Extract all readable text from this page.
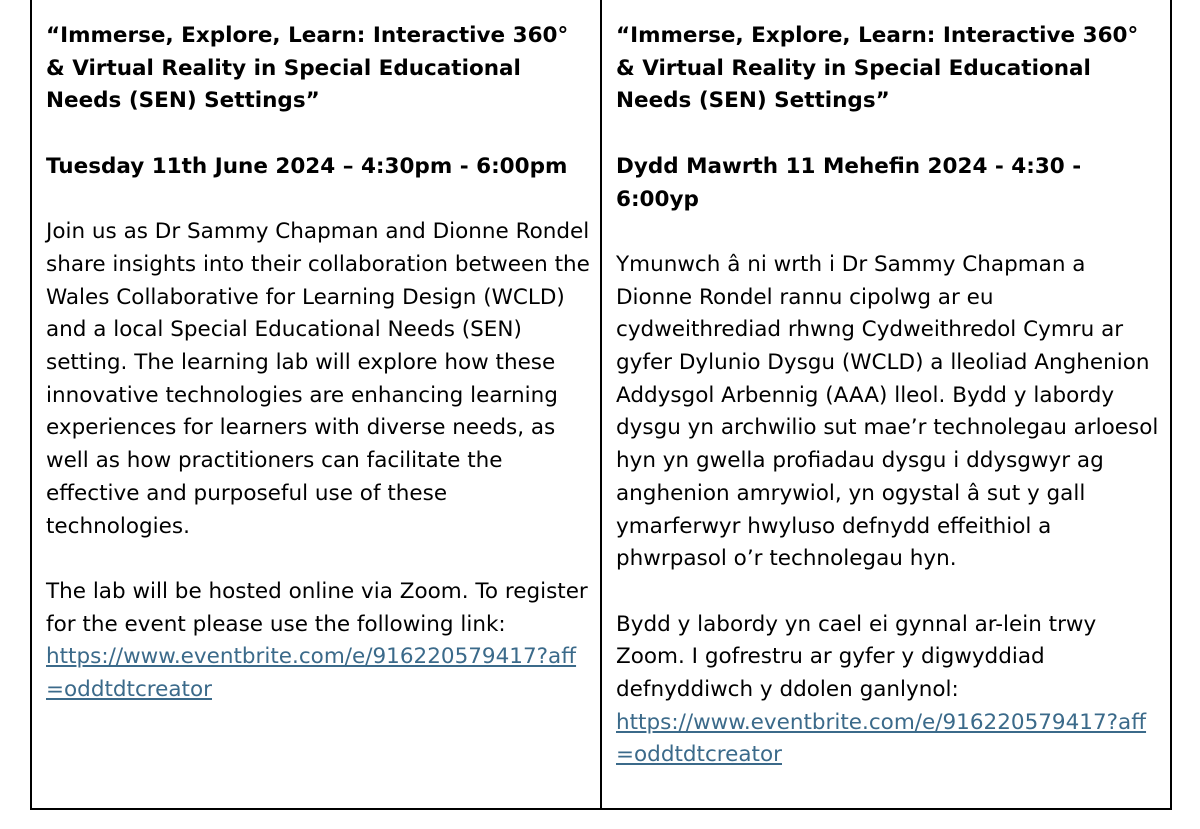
“Immerse, Explore, Learn: Interactive 360° & Virtual Reality in Special Educational Needs (SEN) Settings”

Tuesday 11th June 2024 – 4:30pm - 6:00pm

Join us as Dr Sammy Chapman and Dionne Rondel share insights into their collaboration between the Wales Collaborative for Learning Design (WCLD) and a local Special Educational Needs (SEN) setting. The learning lab will explore how these innovative technologies are enhancing learning experiences for learners with diverse needs, as well as how practitioners can facilitate the effective and purposeful use of these technologies.

The lab will be hosted online via Zoom. To register for the event please use the following link:
https://www.eventbrite.com/e/916220579417?aff=oddtdtcreator

“Immerse, Explore, Learn: Interactive 360° & Virtual Reality in Special Educational Needs (SEN) Settings”

Dydd Mawrth 11 Mehefin 2024 - 4:30 - 6:00yp

Ymunwch â ni wrth i Dr Sammy Chapman a Dionne Rondel rannu cipolwg ar eu cydweithrediad rhwng Cydweithredol Cymru ar gyfer Dylunio Dysgu (WCLD) a lleoliad Anghenion Addysgol Arbennig (AAA) lleol. Bydd y labordy dysgu yn archwilio sut mae’r technolegau arloesol hyn yn gwella profiadau dysgu i ddysgwyr ag anghenion amrywiol, yn ogystal â sut y gall ymarferwyr hwyluso defnydd effeithiol a phwrpasol o’r technolegau hyn.

Bydd y labordy yn cael ei gynnal ar-lein trwy Zoom. I gofrestru ar gyfer y digwyddiad defnyddiwch y ddolen ganlynol:
https://www.eventbrite.com/e/916220579417?aff=oddtdtcreator
